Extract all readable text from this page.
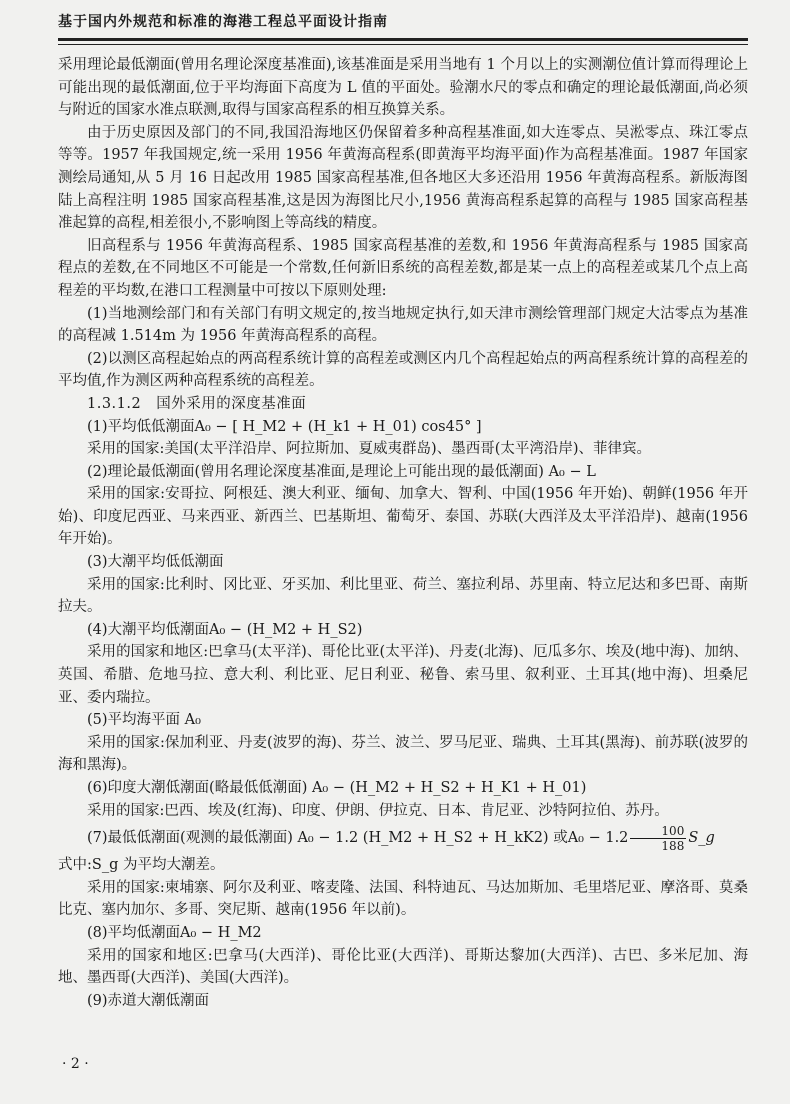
基于国内外规范和标准的海港工程总平面设计指南

采用理论最低潮面(曾用名理论深度基准面),该基准面是采用当地有 1 个月以上的实测潮位值计算而得理论上可能出现的最低潮面,位于平均海面下高度为 L 值的平面处。验潮水尺的零点和确定的理论最低潮面,尚必须与附近的国家水准点联测,取得与国家高程系的相互换算关系。

由于历史原因及部门的不同,我国沿海地区仍保留着多种高程基准面,如大连零点、吴淞零点、珠江零点等等。1957 年我国规定,统一采用 1956 年黄海高程系(即黄海平均海平面)作为高程基准面。1987 年国家测绘局通知,从 5 月 16 日起改用 1985 国家高程基准,但各地区大多还沿用 1956 年黄海高程系。新版海图陆上高程注明 1985 国家高程基准,这是因为海图比尺小,1956 黄海高程系起算的高程与 1985 国家高程基准起算的高程,相差很小,不影响图上等高线的精度。

旧高程系与 1956 年黄海高程系、1985 国家高程基准的差数,和 1956 年黄海高程系与 1985 国家高程点的差数,在不同地区不可能是一个常数,任何新旧系统的高程差数,都是某一点上的高程差或某几个点上高程差的平均数,在港口工程测量中可按以下原则处理:

(1)当地测绘部门和有关部门有明文规定的,按当地规定执行,如天津市测绘管理部门规定大沽零点为基准的高程减 1.514m 为 1956 年黄海高程系的高程。

(2)以测区高程起始点的两高程系统计算的高程差或测区内几个高程起始点的两高程系统计算的高程差的平均值,作为测区两种高程系统的高程差。

1.3.1.2　国外采用的深度基准面

(1)平均低低潮面A₀ − [ H_M2 + (H_k1 + H_01) cos45° ]

采用的国家:美国(太平洋沿岸、阿拉斯加、夏威夷群岛)、墨西哥(太平湾沿岸)、菲律宾。

(2)理论最低潮面(曾用名理论深度基准面,是理论上可能出现的最低潮面) A₀ − L

采用的国家:安哥拉、阿根廷、澳大利亚、缅甸、加拿大、智利、中国(1956 年开始)、朝鲜(1956 年开始)、印度尼西亚、马来西亚、新西兰、巴基斯坦、葡萄牙、泰国、苏联(大西洋及太平洋沿岸)、越南(1956 年开始)。

(3)大潮平均低低潮面

采用的国家:比利时、冈比亚、牙买加、利比里亚、荷兰、塞拉利昂、苏里南、特立尼达和多巴哥、南斯拉夫。

(4)大潮平均低潮面A₀ − (H_M2 + H_S2)

采用的国家和地区:巴拿马(太平洋)、哥伦比亚(太平洋)、丹麦(北海)、厄瓜多尔、埃及(地中海)、加纳、英国、希腊、危地马拉、意大利、利比亚、尼日利亚、秘鲁、索马里、叙利亚、土耳其(地中海)、坦桑尼亚、委内瑞拉。

(5)平均海平面 A₀

采用的国家:保加利亚、丹麦(波罗的海)、芬兰、波兰、罗马尼亚、瑞典、土耳其(黑海)、前苏联(波罗的海和黑海)。

(6)印度大潮低潮面(略最低低潮面) A₀ − (H_M2 + H_S2 + H_K1 + H_01)

采用的国家:巴西、埃及(红海)、印度、伊朗、伊拉克、日本、肯尼亚、沙特阿拉伯、苏丹。

(7)最低低潮面(观测的最低潮面) A₀ − 1.2 (H_M2 + H_S2 + H_kK2) 或$A_0 - 1.2 \frac{100}{188}$ S_g

式中:S_g 为平均大潮差。

采用的国家:柬埔寨、阿尔及利亚、喀麦隆、法国、科特迪瓦、马达加斯加、毛里塔尼亚、摩洛哥、莫桑比克、塞内加尔、多哥、突尼斯、越南(1956 年以前)。

(8)平均低潮面A₀ − H_M2

采用的国家和地区:巴拿马(大西洋)、哥伦比亚(大西洋)、哥斯达黎加(大西洋)、古巴、多米尼加、海地、墨西哥(大西洋)、美国(大西洋)。

(9)赤道大潮低潮面

· 2 ·
